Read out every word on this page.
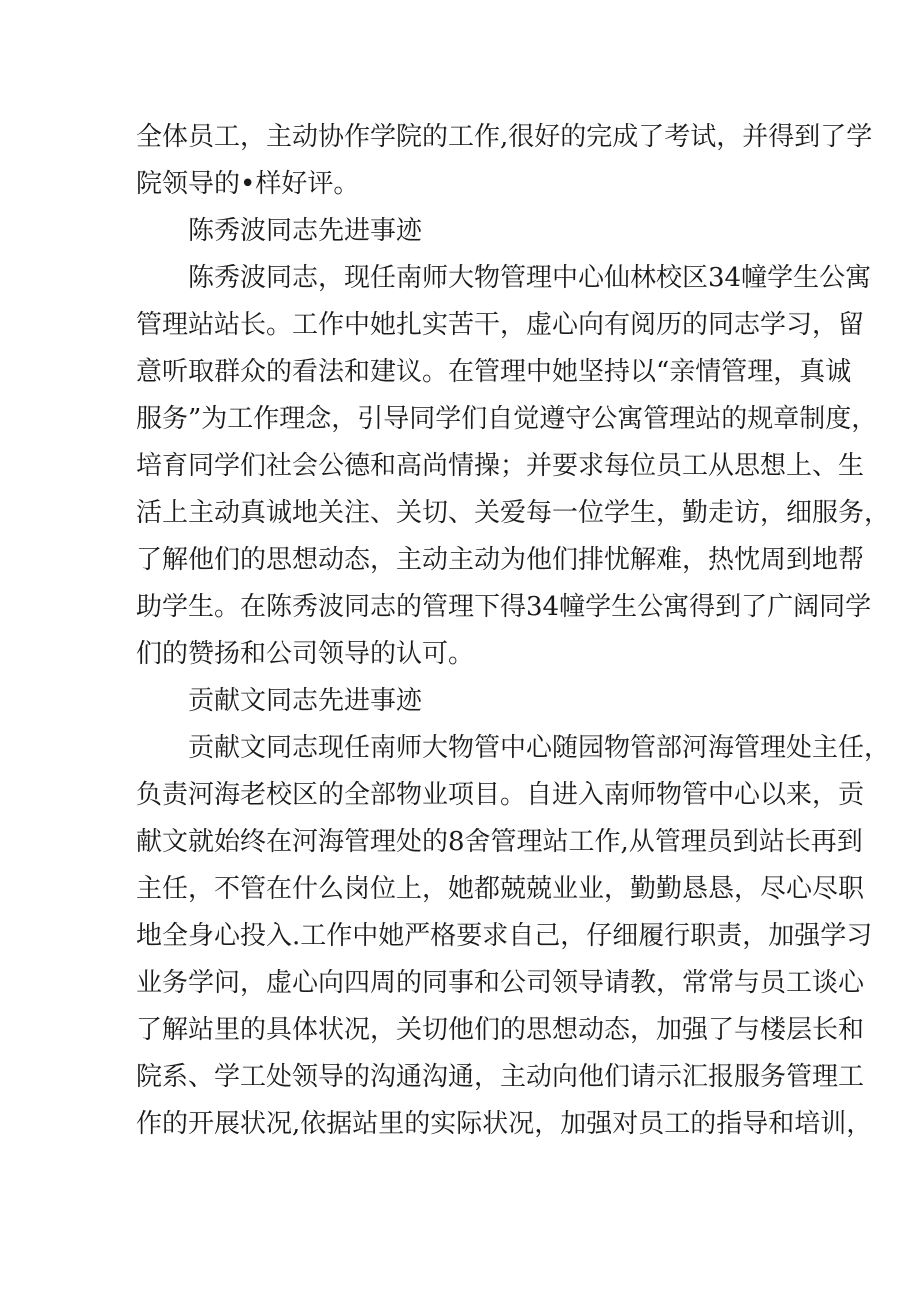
全体员工，主动协作学院的工作,很好的完成了考试，并得到了学
院领导的•样好评。
陈秀波同志先进事迹
陈秀波同志，现任南师大物管理中心仙林校区34幢学生公寓
管理站站长。工作中她扎实苦干，虚心向有阅历的同志学习，留
意听取群众的看法和建议。在管理中她坚持以“亲情管理，真诚
服务”为工作理念，引导同学们自觉遵守公寓管理站的规章制度，
培育同学们社会公德和高尚情操；并要求每位员工从思想上、生
活上主动真诚地关注、关切、关爱每一位学生，勤走访，细服务，
了解他们的思想动态，主动主动为他们排忧解难，热忱周到地帮
助学生。在陈秀波同志的管理下得34幢学生公寓得到了广阔同学
们的赞扬和公司领导的认可。
贡献文同志先进事迹
贡献文同志现任南师大物管中心随园物管部河海管理处主任，
负责河海老校区的全部物业项目。自进入南师物管中心以来，贡
献文就始终在河海管理处的8舍管理站工作,从管理员到站长再到
主任，不管在什么岗位上，她都兢兢业业，勤勤恳恳，尽心尽职
地全身心投入.工作中她严格要求自己，仔细履行职责，加强学习
业务学问，虚心向四周的同事和公司领导请教，常常与员工谈心
了解站里的具体状况，关切他们的思想动态，加强了与楼层长和
院系、学工处领导的沟通沟通，主动向他们请示汇报服务管理工
作的开展状况,依据站里的实际状况，加强对员工的指导和培训，
